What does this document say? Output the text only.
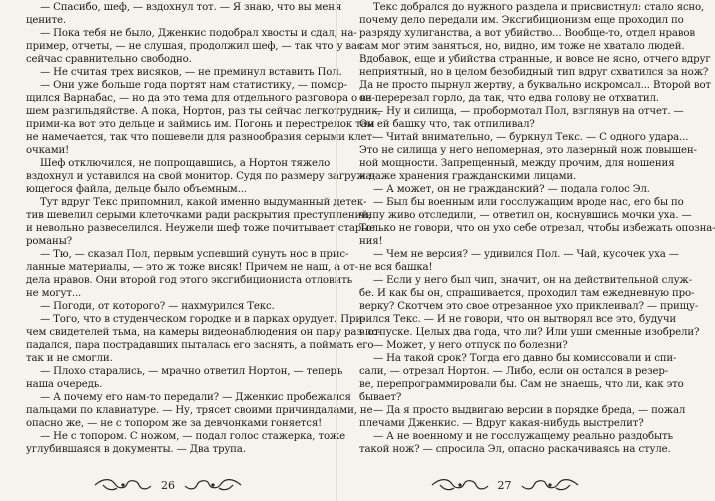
— Спасибо, шеф, — вздохнул тот. — Я знаю, что вы меня
цените.
— Пока тебя не было, Дженкис подобрал хвосты и сдал, на-
пример, отчеты, — не слушая, продолжил шеф, — так что у вас
сейчас сравнительно свободно.
— Не считая трех висяков, — не преминул вставить Пол.
— Они уже больше года портят нам статистику, — помор-
щился Варнабас, — но да это тема для отдельного разговора о ва-
шем разгильдяйстве. А пока, Нортон, раз ты сейчас легкотрудник,
прими-ка вот это дельце и займись им. Погонь и перестрелок там
не намечается, так что пошевели для разнообразия серыми клет-
очками!
Шеф отключился, не попрощавшись, а Нортон тяжело
вздохнул и уставился на свой монитор. Судя по размеру загружа-
ющегося файла, дельце было объемным...
Тут вдруг Текс припомнил, какой именно выдуманный детек-
тив шевелил серыми клеточками ради раскрытия преступлений,
и невольно развеселился. Неужели шеф тоже почитывает старые
романы?
— Тю, — сказал Пол, первым успевший сунуть нос в прис-
ланные материалы, — это ж тоже висяк! Причем не наш, а от-
дела нравов. Они второй год этого эксгибициониста отловить
не могут...
— Погоди, от которого? — нахмурился Текс.
— Того, что в студенческом городке и в парках орудует. При-
чем свидетелей тьма, на камеры видеонаблюдения он пару раз по-
падался, пара пострадавших пыталась его заснять, а поймать его
так и не смогли.
— Плохо старались, — мрачно ответил Нортон, — теперь
наша очередь.
— А почему его нам-то передали? — Дженкис пробежался
пальцами по клавиатуре. — Ну, трясет своими причиндалами, не
опасно же, — не с топором же за девчонками гоняется!
— Не с топором. С ножом, — подал голос стажерка, тоже
углубившаяся в документы. — Два трупа.
26
Текс добрался до нужного раздела и присвистнул: стало ясно,
почему дело передали им. Эксгибиционизм еще проходил по
разряду хулиганства, а вот убийство... Вообще-то, отдел нравов
сам мог этим заняться, но, видно, им тоже не хватало людей.
Вдобавок, еще и убийства странные, и вовсе не ясно, отчего вдруг
неприятный, но в целом безобидный тип вдруг схватился за нож?
Да не просто пырнул жертву, а буквально искромсал... Второй вот
он перерезал горло, да так, что едва голову не отхватил.
— Ну и силища, — пробормотал Пол, взглянув на отчет. —
Он ей башку что, так отпиливал?
— Читай внимательно, — буркнул Текс. — С одного удара...
Это не силища у него непомерная, это лазерный нож повышен-
ной мощности. Запрещенный, между прочим, для ношения
и даже хранения гражданскими лицами.
— А может, он не гражданский? — подала голос Эл.
— Был бы военным или госслужащим вроде нас, его бы по
чипу живо отследили, — ответил он, коснувшись мочки уха. —
Только не говори, что он ухо себе отрезал, чтобы избежать опозна-
ния!
— Чем не версия? — удивился Пол. — Чай, кусочек уха —
не вся башка!
— Если у него был чип, значит, он на действительной служ-
бе. И как бы он, спрашивается, проходил там ежедневную про-
верку? Скотчем это свое отрезанное ухо приклеивал? — прищу-
рился Текс. — И не говори, что он вытворял все это, будучи
в отпуске. Целых два года, что ли? Или уши сменные изобрели?
— Может, у него отпуск по болезни?
— На такой срок? Тогда его давно бы комиссовали и спи-
сали, — отрезал Нортон. — Либо, если он остался в резер-
ве, перепрограммировали бы. Сам не знаешь, что ли, как это
бывает?
— Да я просто выдвигаю версии в порядке бреда, — пожал
плечами Дженкис. — Вдруг какая-нибудь выстрелит?
— А не военному и не госслужащему реально раздобыть
такой нож? — спросила Эл, опасно раскачиваясь на стуле.
27
